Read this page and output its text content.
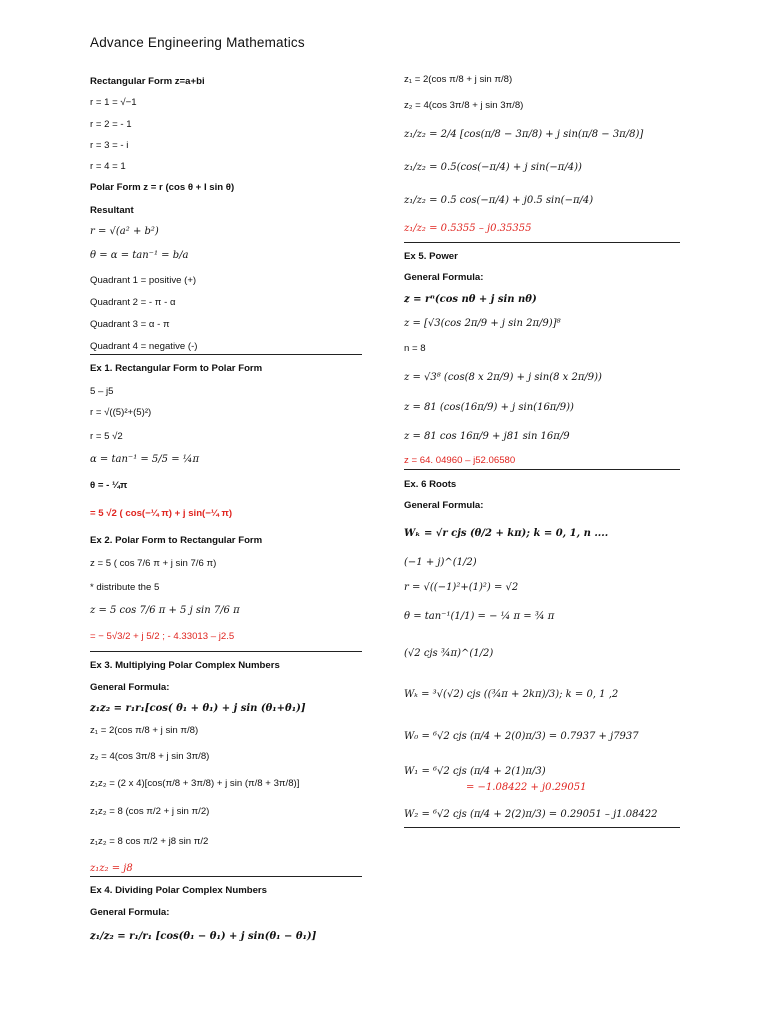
Advance Engineering Mathematics
Rectangular Form z=a+bi
r = 1 = √−1
r = 2 = - 1
r = 3 = - i
r = 4 = 1
Polar Form z = r (cos θ + I sin θ)
Resultant
r = √(a² + b²)
θ = α = tan⁻¹ = b/a
Quadrant 1 = positive (+)
Quadrant 2 = - π - α
Quadrant 3 = α - π
Quadrant 4 = negative (-)
Ex 1. Rectangular Form to Polar Form
5 – j5
r = √((5)²+(5)²)
r = 5 √2
α = tan⁻¹ = 5/5 = ¼π
θ = - ¼π
= 5 √2 ( cos(−¼ π) + j sin(−¼ π)
Ex 2. Polar Form to Rectangular Form
z = 5 ( cos 7/6 π + j sin 7/6 π)
* distribute the 5
z = 5 cos 7/6 π + 5 j sin 7/6 π
= − 5√3/2 + j 5/2 ; - 4.33013 – j2.5
Ex 3. Multiplying Polar Complex Numbers
General Formula:
z₁z₂ = r₁r₁[cos( θ₁ + θ₁) + j sin (θ₁+θ₁)]
z₁ = 2(cos π/8 + j sin π/8)
z₂ = 4(cos 3π/8 + j sin 3π/8)
z₁z₂ = (2 x 4)[cos(π/8 + 3π/8) + j sin (π/8 + 3π/8)]
z₁z₂ = 8 (cos π/2 + j sin π/2)
z₁z₂ = 8 cos π/2 + j8 sin π/2
z₁z₂ = j8
Ex 4. Dividing Polar Complex Numbers
General Formula:
z₁/z₂ = r₁/r₁ [cos(θ₁ − θ₁) + j sin(θ₁ − θ₁)]
z₁ = 2(cos π/8 + j sin π/8)
z₂ = 4(cos 3π/8 + j sin 3π/8)
z₁/z₂ = 2/4 [cos(π/8 − 3π/8) + j sin(π/8 − 3π/8)]
z₁/z₂ = 0.5(cos(−π/4) + j sin(−π/4))
z₁/z₂ = 0.5 cos(−π/4) + j0.5 sin(−π/4)
z₁/z₂ = 0.5355 – j0.35355
Ex 5. Power
General Formula:
z = rⁿ(cos nθ + j sin nθ)
z = [√3(cos 2π/9 + j sin 2π/9)]⁸
n = 8
z = √3⁸ (cos(8 x 2π/9) + j sin(8 x 2π/9))
z = 81 (cos(16π/9) + j sin(16π/9))
z = 81 cos 16π/9 + j81 sin 16π/9
z = 64. 04960 – j52.06580
Ex. 6 Roots
General Formula:
Wₖ = √r cjs (θ/2 + kπ); k = 0, 1, n ....
(−1 + j)^(1/2)
r = √((−1)²+(1)²) = √2
θ = tan⁻¹(1/1) = − ¼ π = ¾ π
(√2 cjs ¾π)^(1/2)
Wₖ = ³√(√2) cjs ((¾π + 2kπ)/3); k = 0, 1 ,2
W₀ = ⁶√2 cjs (π/4 + 2(0)π/3) = 0.7937 + j7937
W₁ = ⁶√2 cjs (π/4 + 2(1)π/3)
= −1.08422 + j0.29051
W₂ = ⁶√2 cjs (π/4 + 2(2)π/3) = 0.29051 – j1.08422
